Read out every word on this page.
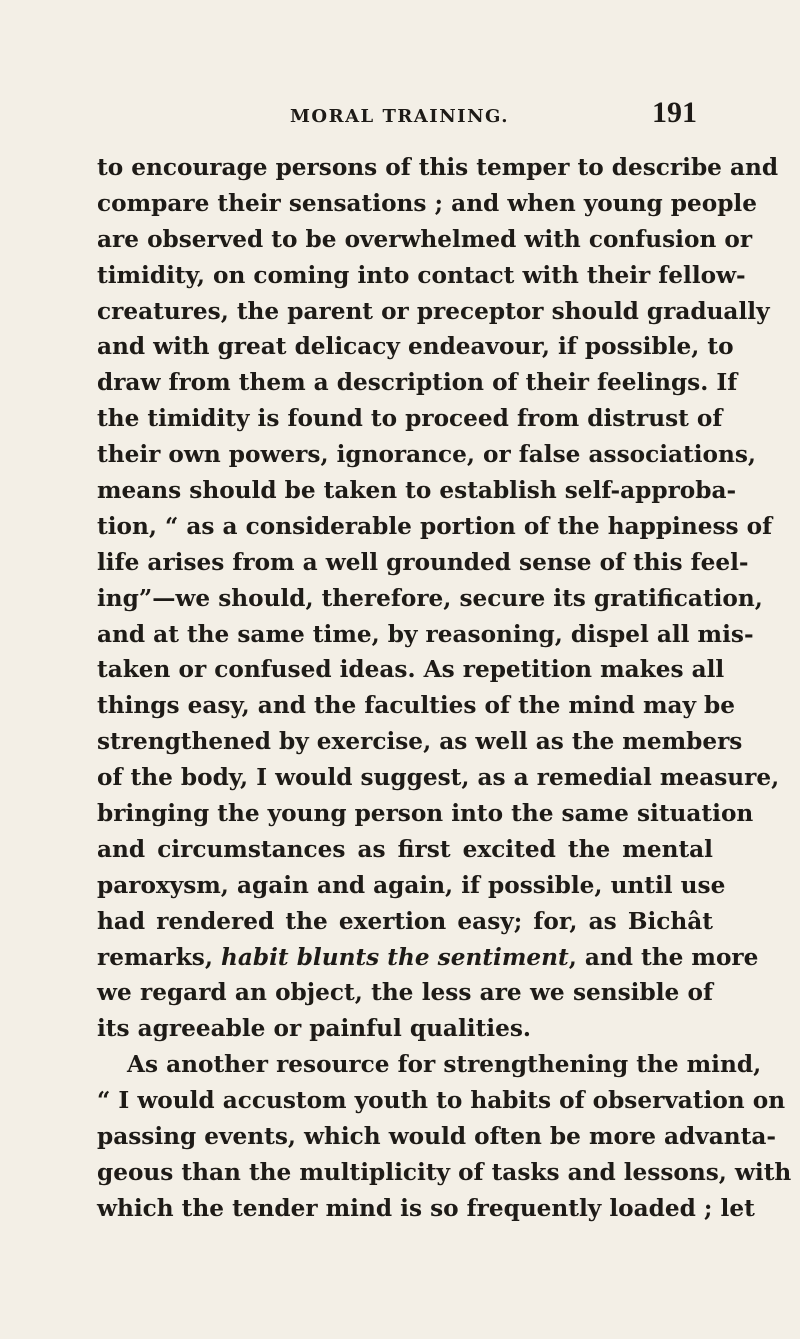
MORAL TRAINING.	191
to encourage persons of this temper to describe and
compare their sensations ; and when young people
are observed to be overwhelmed with confusion or
timidity, on coming into contact with their fellow-
creatures, the parent or preceptor should gradually
and with great delicacy endeavour, if possible, to
draw from them a description of their feelings. If
the timidity is found to proceed from distrust of
their own powers, ignorance, or false associations,
means should be taken to establish self-approba-
tion, “ as a considerable portion of the happiness of
life arises from a well grounded sense of this feel-
ing”—we should, therefore, secure its gratification,
and at the same time, by reasoning, dispel all mis-
taken or confused ideas. As repetition makes all
things easy, and the faculties of the mind may be
strengthened by exercise, as well as the members
of the body, I would suggest, as a remedial measure,
bringing the young person into the same situation
and circumstances as first excited the mental
paroxysm, again and again, if possible, until use
had rendered the exertion easy; for, as Bichât
remarks, habit blunts the sentiment, and the more
we regard an object, the less are we sensible of
its agreeable or painful qualities.
As another resource for strengthening the mind,
“ I would accustom youth to habits of observation on
passing events, which would often be more advanta-
geous than the multiplicity of tasks and lessons, with
which the tender mind is so frequently loaded ; let
